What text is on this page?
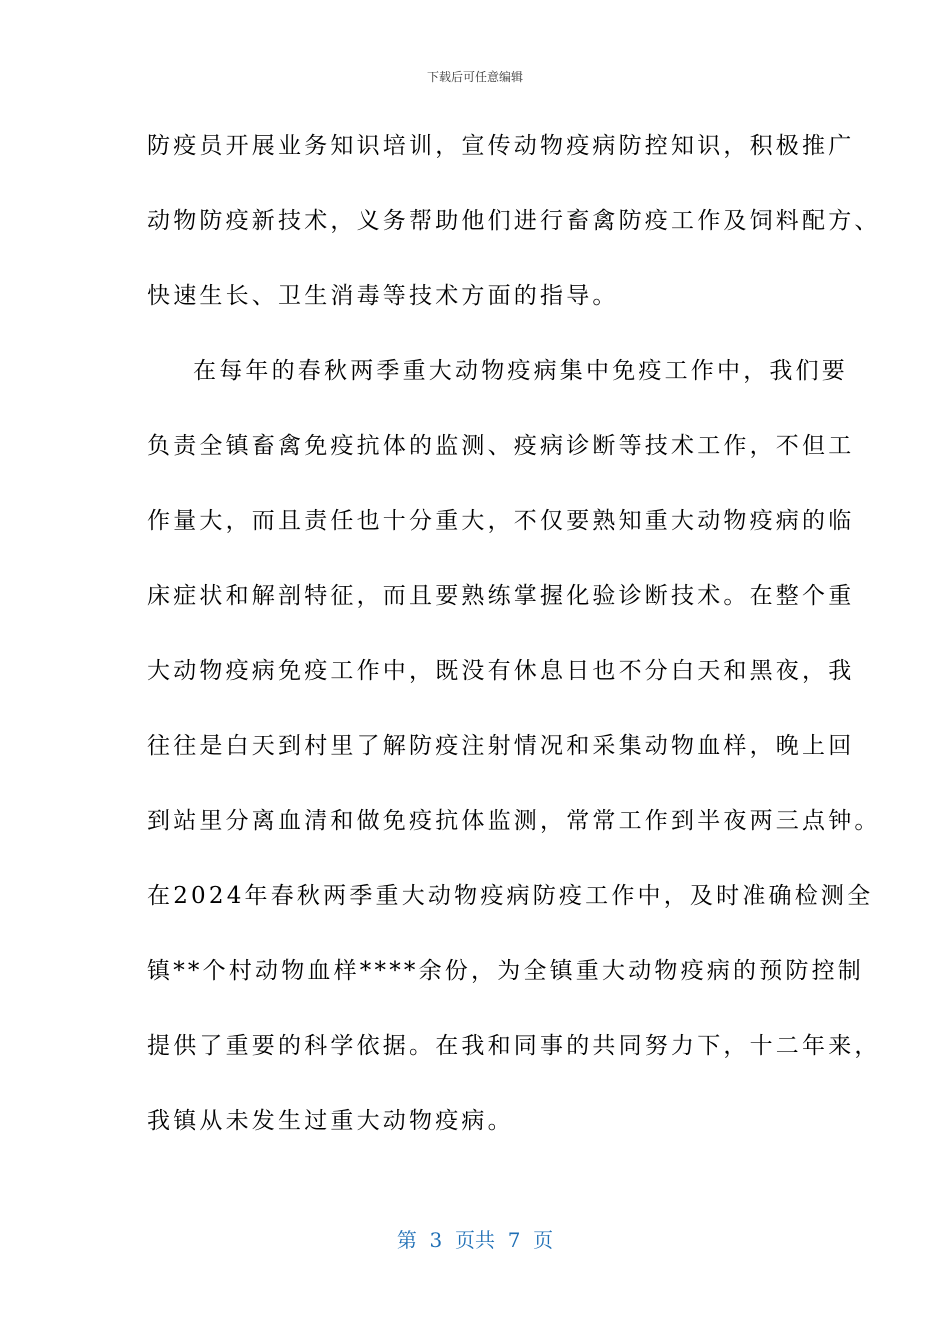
下载后可任意编辑
防疫员开展业务知识培训，宣传动物疫病防控知识，积极推广
动物防疫新技术，义务帮助他们进行畜禽防疫工作及饲料配方、
快速生长、卫生消毒等技术方面的指导。
在每年的春秋两季重大动物疫病集中免疫工作中，我们要
负责全镇畜禽免疫抗体的监测、疫病诊断等技术工作，不但工
作量大，而且责任也十分重大，不仅要熟知重大动物疫病的临
床症状和解剖特征，而且要熟练掌握化验诊断技术。在整个重
大动物疫病免疫工作中，既没有休息日也不分白天和黑夜，我
往往是白天到村里了解防疫注射情况和采集动物血样，晚上回
到站里分离血清和做免疫抗体监测，常常工作到半夜两三点钟。
在2024年春秋两季重大动物疫病防疫工作中，及时准确检测全
镇**个村动物血样****余份，为全镇重大动物疫病的预防控制
提供了重要的科学依据。在我和同事的共同努力下，十二年来，
我镇从未发生过重大动物疫病。
第  3  页共  7  页
